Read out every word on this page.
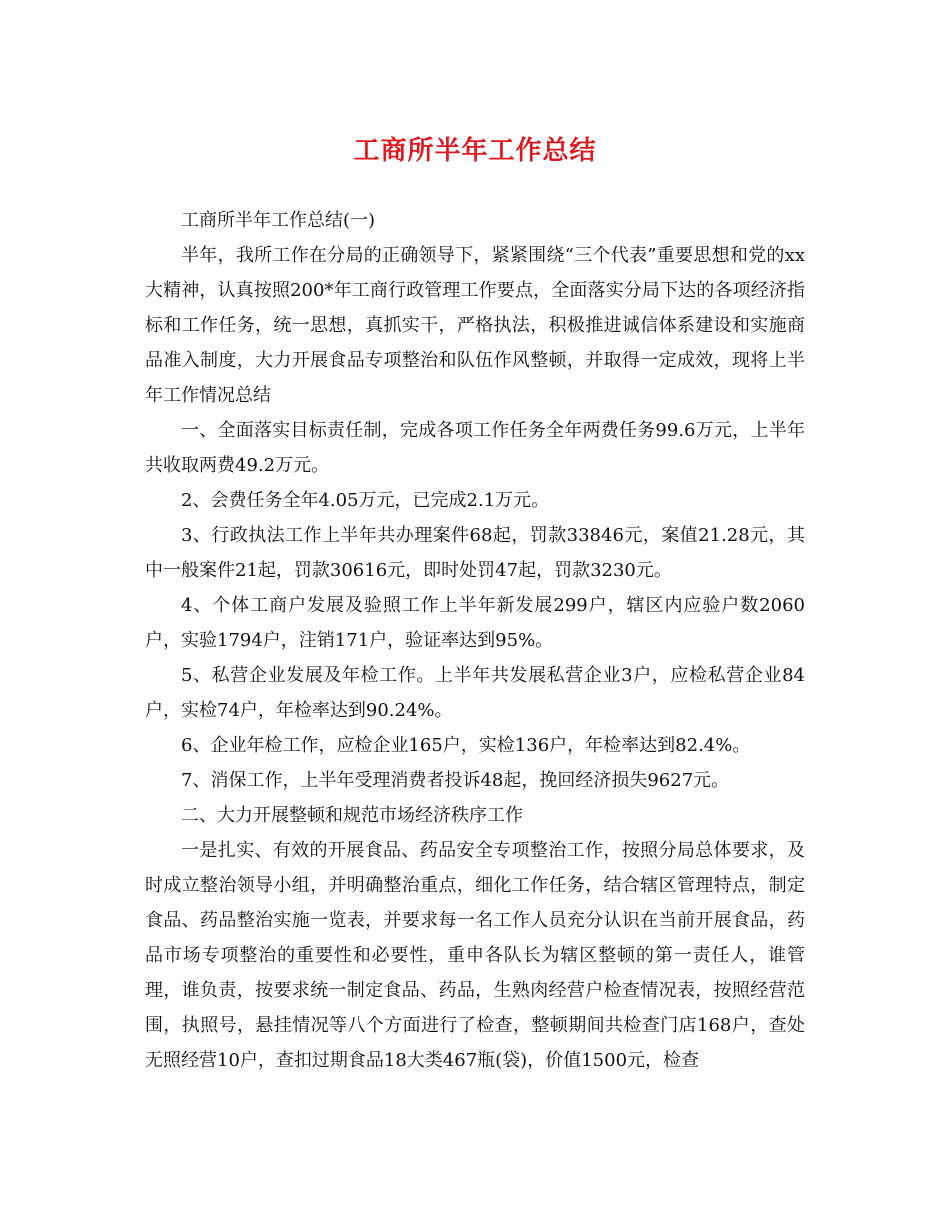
工商所半年工作总结

工商所半年工作总结(一)

半年，我所工作在分局的正确领导下，紧紧围绕“三个代表”重要思想和党的xx大精神，认真按照200*年工商行政管理工作要点，全面落实分局下达的各项经济指标和工作任务，统一思想，真抓实干，严格执法，积极推进诚信体系建设和实施商品准入制度，大力开展食品专项整治和队伍作风整顿，并取得一定成效，现将上半年工作情况总结

一、全面落实目标责任制，完成各项工作任务全年两费任务99.6万元，上半年共收取两费49.2万元。

2、会费任务全年4.05万元，已完成2.1万元。

3、行政执法工作上半年共办理案件68起，罚款33846元，案值21.28元，其中一般案件21起，罚款30616元，即时处罚47起，罚款3230元。

4、个体工商户发展及验照工作上半年新发展299户，辖区内应验户数2060户，实验1794户，注销171户，验证率达到95%。

5、私营企业发展及年检工作。上半年共发展私营企业3户，应检私营企业84户，实检74户，年检率达到90.24%。

6、企业年检工作，应检企业165户，实检136户，年检率达到82.4%。

7、消保工作，上半年受理消费者投诉48起，挽回经济损失9627元。

二、大力开展整顿和规范市场经济秩序工作

一是扎实、有效的开展食品、药品安全专项整治工作，按照分局总体要求，及时成立整治领导小组，并明确整治重点，细化工作任务，结合辖区管理特点，制定食品、药品整治实施一览表，并要求每一名工作人员充分认识在当前开展食品，药品市场专项整治的重要性和必要性，重申各队长为辖区整顿的第一责任人，谁管理，谁负责，按要求统一制定食品、药品，生熟肉经营户检查情况表，按照经营范围，执照号，悬挂情况等八个方面进行了检查，整顿期间共检查门店168户，查处无照经营10户，查扣过期食品18大类467瓶(袋)，价值1500元，检查
